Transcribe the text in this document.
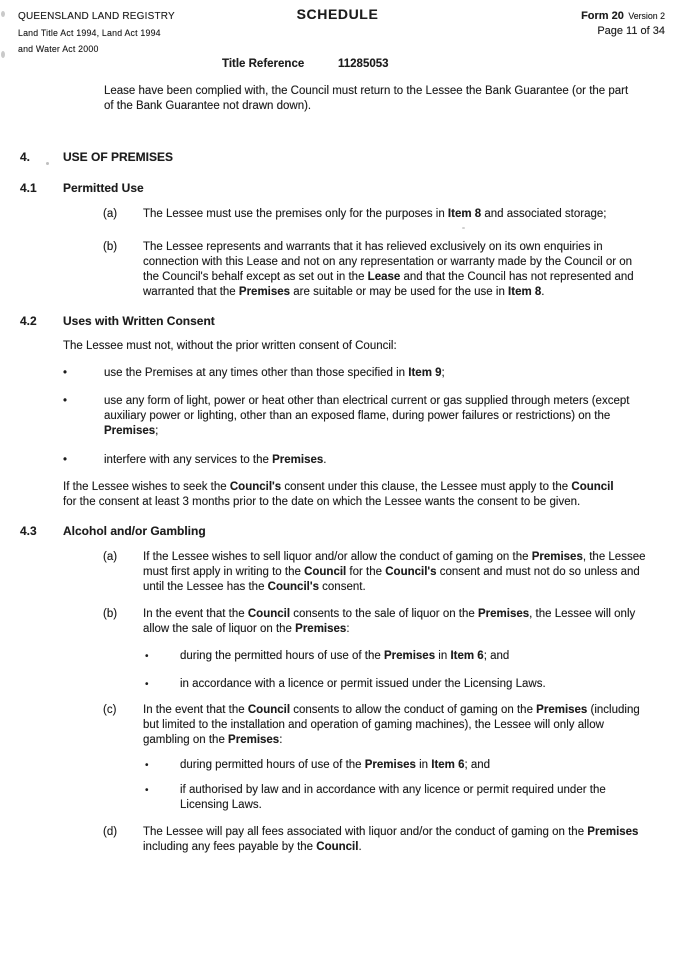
QUEENSLAND LAND REGISTRY
Land Title Act 1994, Land Act 1994
and Water Act 2000
SCHEDULE	Form 20 Version 2
Page 11 of 34
Title Reference	11285053

Lease have been complied with, the Council must return to the Lessee the Bank Guarantee (or the part of the Bank Guarantee not drawn down).

4.	USE OF PREMISES
4.1	Permitted Use
(a)	The Lessee must use the premises only for the purposes in Item 8 and associated storage;
(b)	The Lessee represents and warrants that it has relieved exclusively on its own enquiries in connection with this Lease and not on any representation or warranty made by the Council or on the Council's behalf except as set out in the Lease and that the Council has not represented and warranted that the Premises are suitable or may be used for the use in Item 8.
4.2	Uses with Written Consent

The Lessee must not, without the prior written consent of Council:

•	use the Premises at any times other than those specified in Item 9;
•	use any form of light, power or heat other than electrical current or gas supplied through meters (except auxiliary power or lighting, other than an exposed flame, during power failures or restrictions) on the Premises;
•	interfere with any services to the Premises.

If the Lessee wishes to seek the Council's consent under this clause, the Lessee must apply to the Council for the consent at least 3 months prior to the date on which the Lessee wants the consent to be given.

4.3	Alcohol and/or Gambling
(a)	If the Lessee wishes to sell liquor and/or allow the conduct of gaming on the Premises, the Lessee must first apply in writing to the Council for the Council's consent and must not do so unless and until the Lessee has the Council's consent.
(b)	In the event that the Council consents to the sale of liquor on the Premises, the Lessee will only allow the sale of liquor on the Premises:
•	during the permitted hours of use of the Premises in Item 6; and
•	in accordance with a licence or permit issued under the Licensing Laws.
(c)	In the event that the Council consents to allow the conduct of gaming on the Premises (including but limited to the installation and operation of gaming machines), the Lessee will only allow gambling on the Premises:
•	during permitted hours of use of the Premises in Item 6; and
•	if authorised by law and in accordance with any licence or permit required under the Licensing Laws.
(d)	The Lessee will pay all fees associated with liquor and/or the conduct of gaming on the Premises including any fees payable by the Council.
